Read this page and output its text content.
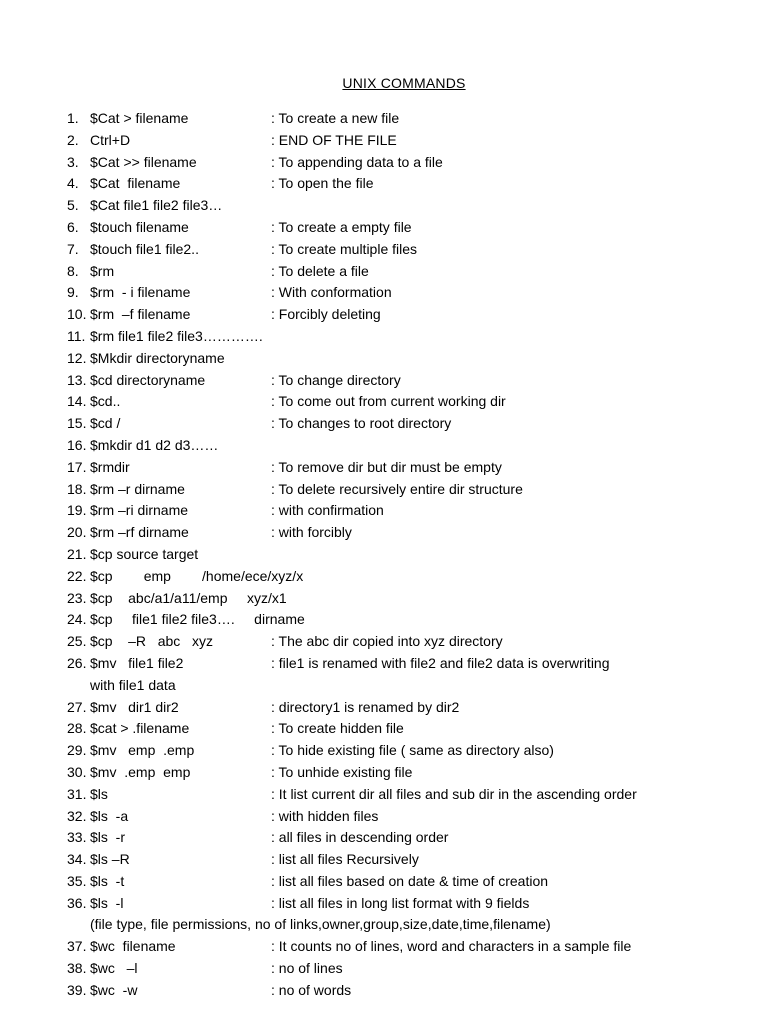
UNIX COMMANDS
1. $Cat > filename	: To create a new file
2. Ctrl+D	: END OF THE FILE
3. $Cat >> filename	: To appending data to a file
4. $Cat  filename	: To open the file
5. $Cat file1 file2 file3…
6. $touch filename	: To create a empty file
7. $touch file1 file2..	: To create multiple files
8. $rm	: To delete a file
9. $rm  - i filename	: With conformation
10. $rm  –f filename	: Forcibly deleting
11. $rm file1 file2 file3………….
12. $Mkdir directoryname
13. $cd directoryname	: To change directory
14. $cd..	: To come out from current working dir
15. $cd /	: To changes to root directory
16. $mkdir d1 d2 d3……
17. $rmdir	: To remove dir but dir must be empty
18. $rm –r dirname	: To delete recursively entire dir structure
19. $rm –ri dirname	: with confirmation
20. $rm –rf dirname	: with forcibly
21. $cp source target
22. $cp        emp        /home/ece/xyz/x
23. $cp    abc/a1/a11/emp     xyz/x1
24. $cp     file1 file2 file3….     dirname
25. $cp    –R   abc   xyz	: The abc dir copied into xyz directory
26. $mv   file1 file2	: file1 is renamed with file2 and file2 data is overwriting
with file1 data
27. $mv   dir1 dir2	: directory1 is renamed by dir2
28. $cat > .filename	: To create hidden file
29. $mv   emp  .emp	: To hide existing file ( same as directory also)
30. $mv  .emp  emp	: To unhide existing file
31. $ls	: It list current dir all files and sub dir in the ascending order
32. $ls  -a	: with hidden files
33. $ls  -r	: all files in descending order
34. $ls –R	: list all files Recursively
35. $ls  -t	: list all files based on date & time of creation
36. $ls  -l	: list all files in long list format with 9 fields
(file type, file permissions, no of links,owner,group,size,date,time,filename)
37. $wc  filename	: It counts no of lines, word and characters in a sample file
38. $wc   –l	: no of lines
39. $wc  -w	: no of words
